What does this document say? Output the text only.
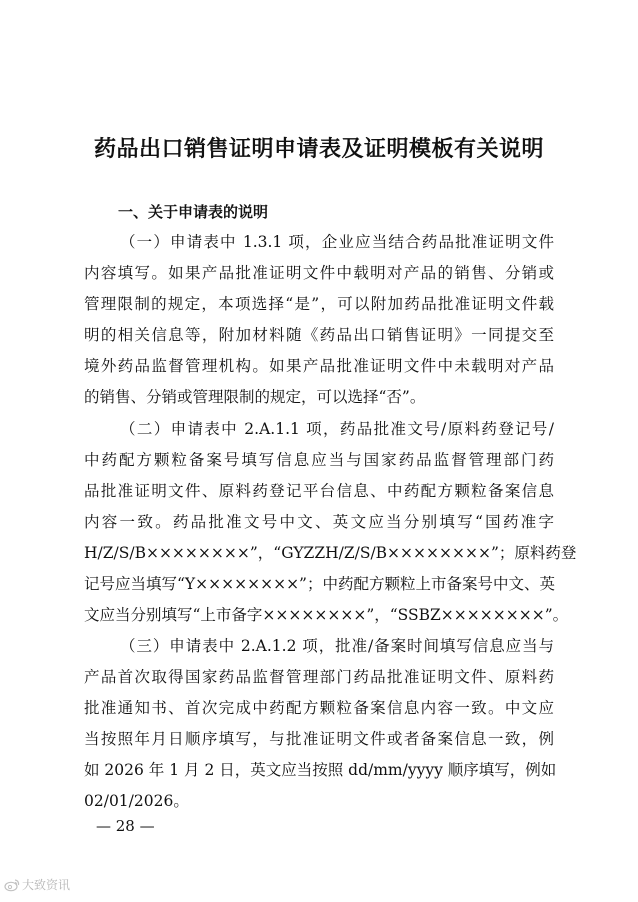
药品出口销售证明申请表及证明模板有关说明
一、关于申请表的说明
（一）申请表中 1.3.1 项，企业应当结合药品批准证明文件
内容填写。如果产品批准证明文件中载明对产品的销售、分销或
管理限制的规定，本项选择“是”，可以附加药品批准证明文件载
明的相关信息等，附加材料随《药品出口销售证明》一同提交至
境外药品监督管理机构。如果产品批准证明文件中未载明对产品
的销售、分销或管理限制的规定，可以选择“否”。
（二）申请表中 2.A.1.1 项，药品批准文号/原料药登记号/
中药配方颗粒备案号填写信息应当与国家药品监督管理部门药
品批准证明文件、原料药登记平台信息、中药配方颗粒备案信息
内容一致。药品批准文号中文、英文应当分别填写“国药准字
H/Z/S/B××××××××”，“GYZZH/Z/S/B××××××××”；原料药登
记号应当填写“Y××××××××”；中药配方颗粒上市备案号中文、英
文应当分别填写“上市备字××××××××”，“SSBZ××××××××”。
（三）申请表中 2.A.1.2 项，批准/备案时间填写信息应当与
产品首次取得国家药品监督管理部门药品批准证明文件、原料药
批准通知书、首次完成中药配方颗粒备案信息内容一致。中文应
当按照年月日顺序填写，与批准证明文件或者备案信息一致，例
如 2026 年 1 月 2 日，英文应当按照 dd/mm/yyyy 顺序填写，例如
02/01/2026。
— 28 —
大致资讯
